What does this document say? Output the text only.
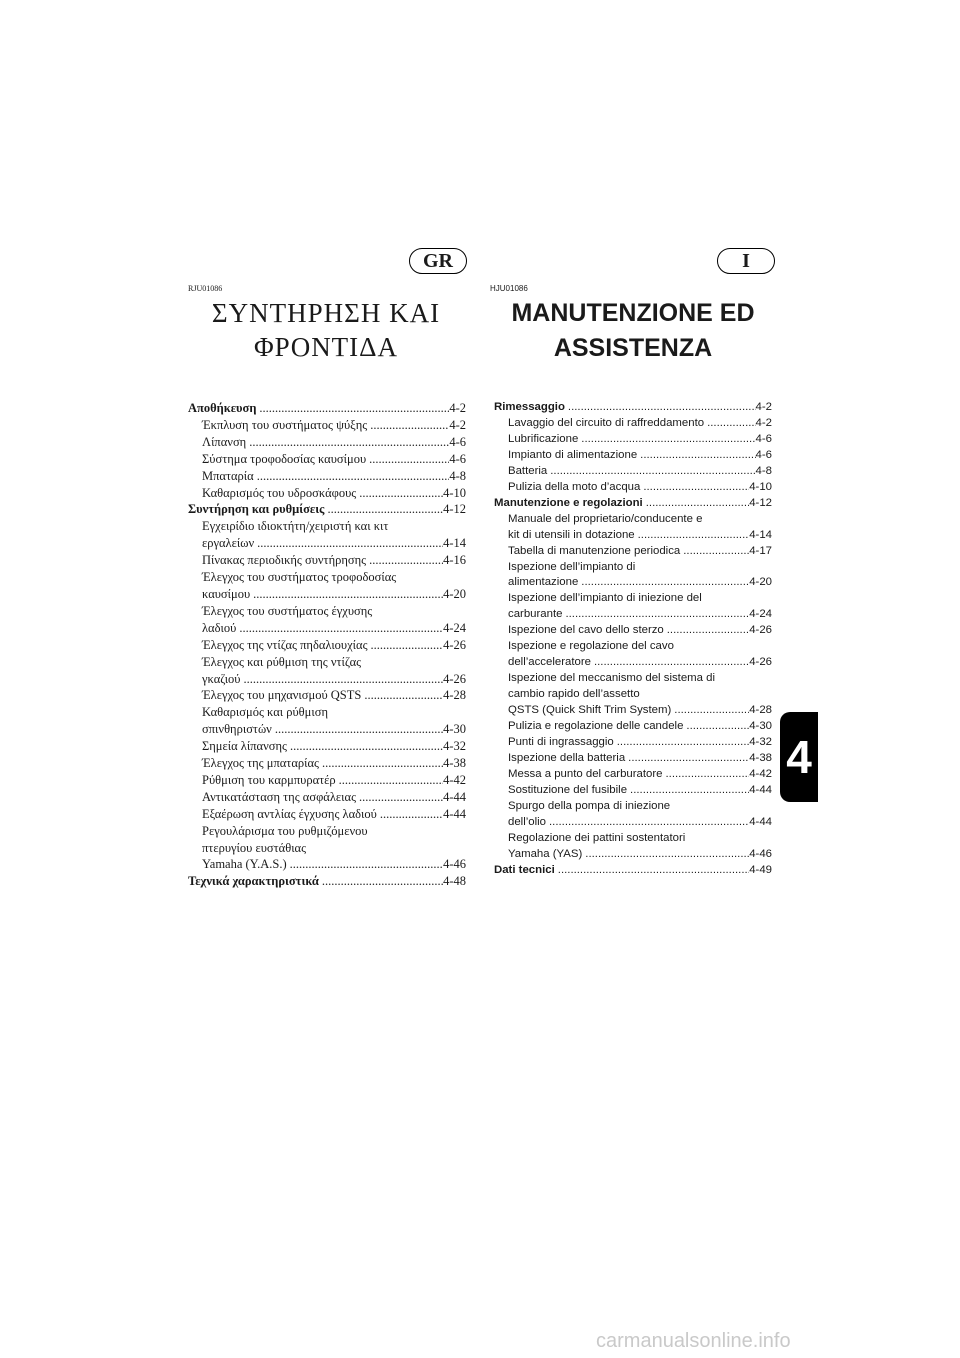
GR	I
RJU01086	HJU01086
ΣΥΝΤΗΡΗΣΗ ΚΑΙ
ΦΡΟΝΤΙΔΑ
MANUTENZIONE ED
ASSISTENZA
Αποθήκευση .....	4-2
Έκπλυση του συστήματος ψύξης .....	4-2
Λίπανση .....	4-6
Σύστημα τροφοδοσίας καυσίμου .....	4-6
Μπαταρία .....	4-8
Καθαρισμός του υδροσκάφους .....	4-10
Συντήρηση και ρυθμίσεις .....	4-12
Εγχειρίδιο ιδιοκτήτη/χειριστή και κιτ
εργαλείων .....	4-14
Πίνακας περιοδικής συντήρησης .....	4-16
Έλεγχος του συστήματος τροφοδοσίας
καυσίμου .....	4-20
Έλεγχος του συστήματος έγχυσης
λαδιού .....	4-24
Έλεγχος της ντίζας πηδαλιουχίας .....	4-26
Έλεγχος και ρύθμιση της ντίζας
γκαζιού .....	4-26
Έλεγχος του μηχανισμού QSTS .....	4-28
Καθαρισμός και ρύθμιση
σπινθηριστών .....	4-30
Σημεία λίπανσης .....	4-32
Έλεγχος της μπαταρίας .....	4-38
Ρύθμιση του καρμπυρατέρ .....	4-42
Αντικατάσταση της ασφάλειας .....	4-44
Εξαέρωση αντλίας έγχυσης λαδιού .....	4-44
Ρεγουλάρισμα του ρυθμιζόμενου
πτερυγίου ευστάθιας
Yamaha (Y.A.S.) .....	4-46
Τεχνικά χαρακτηριστικά .....	4-48
Rimessaggio .....	4-2
Lavaggio del circuito di raffreddamento .....	4-2
Lubrificazione .....	4-6
Impianto di alimentazione .....	4-6
Batteria .....	4-8
Pulizia della moto d’acqua .....	4-10
Manutenzione e regolazioni .....	4-12
Manuale del proprietario/conducente e
kit di utensili in dotazione .....	4-14
Tabella di manutenzione periodica .....	4-17
Ispezione dell’impianto di
alimentazione .....	4-20
Ispezione dell’impianto di iniezione del
carburante .....	4-24
Ispezione del cavo dello sterzo .....	4-26
Ispezione e regolazione del cavo
dell’acceleratore .....	4-26
Ispezione del meccanismo del sistema di
cambio rapido dell’assetto
QSTS (Quick Shift Trim System) .....	4-28
Pulizia e regolazione delle candele .....	4-30
Punti di ingrassaggio .....	4-32
Ispezione della batteria .....	4-38
Messa a punto del carburatore .....	4-42
Sostituzione del fusibile .....	4-44
Spurgo della pompa di iniezione
dell’olio .....	4-44
Regolazione dei pattini sostentatori
Yamaha (YAS) .....	4-46
Dati tecnici .....	4-49
4
carmanualsonline.info
